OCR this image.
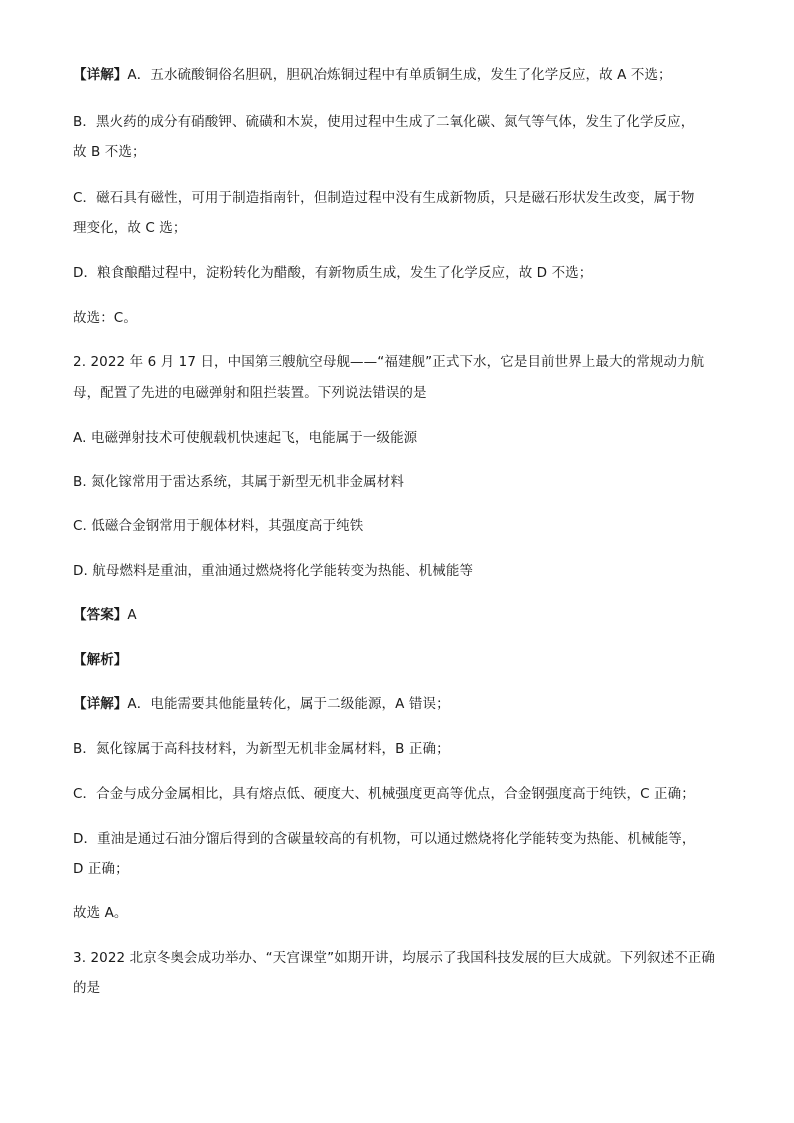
【详解】A．五水硫酸铜俗名胆矾，胆矾冶炼铜过程中有单质铜生成，发生了化学反应，故 A 不选；
B．黑火药的成分有硝酸钾、硫磺和木炭，使用过程中生成了二氧化碳、氮气等气体，发生了化学反应，
故 B 不选；
C．磁石具有磁性，可用于制造指南针，但制造过程中没有生成新物质，只是磁石形状发生改变，属于物
理变化，故 C 选；
D．粮食酿醋过程中，淀粉转化为醋酸，有新物质生成，发生了化学反应，故 D 不选；
故选：C。
2. 2022 年 6 月 17 日，中国第三艘航空母舰——“福建舰”正式下水，它是目前世界上最大的常规动力航
母，配置了先进的电磁弹射和阻拦装置。下列说法错误的是
A. 电磁弹射技术可使舰载机快速起飞，电能属于一级能源
B. 氮化镓常用于雷达系统，其属于新型无机非金属材料
C. 低磁合金钢常用于舰体材料，其强度高于纯铁
D. 航母燃料是重油，重油通过燃烧将化学能转变为热能、机械能等
【答案】A
【解析】
【详解】A．电能需要其他能量转化，属于二级能源，A 错误；
B．氮化镓属于高科技材料，为新型无机非金属材料，B 正确；
C．合金与成分金属相比，具有熔点低、硬度大、机械强度更高等优点，合金钢强度高于纯铁，C 正确；
D．重油是通过石油分馏后得到的含碳量较高的有机物，可以通过燃烧将化学能转变为热能、机械能等，
D 正确；
故选 A。
3. 2022 北京冬奥会成功举办、“天宫课堂”如期开讲，均展示了我国科技发展的巨大成就。下列叙述不正确
的是
